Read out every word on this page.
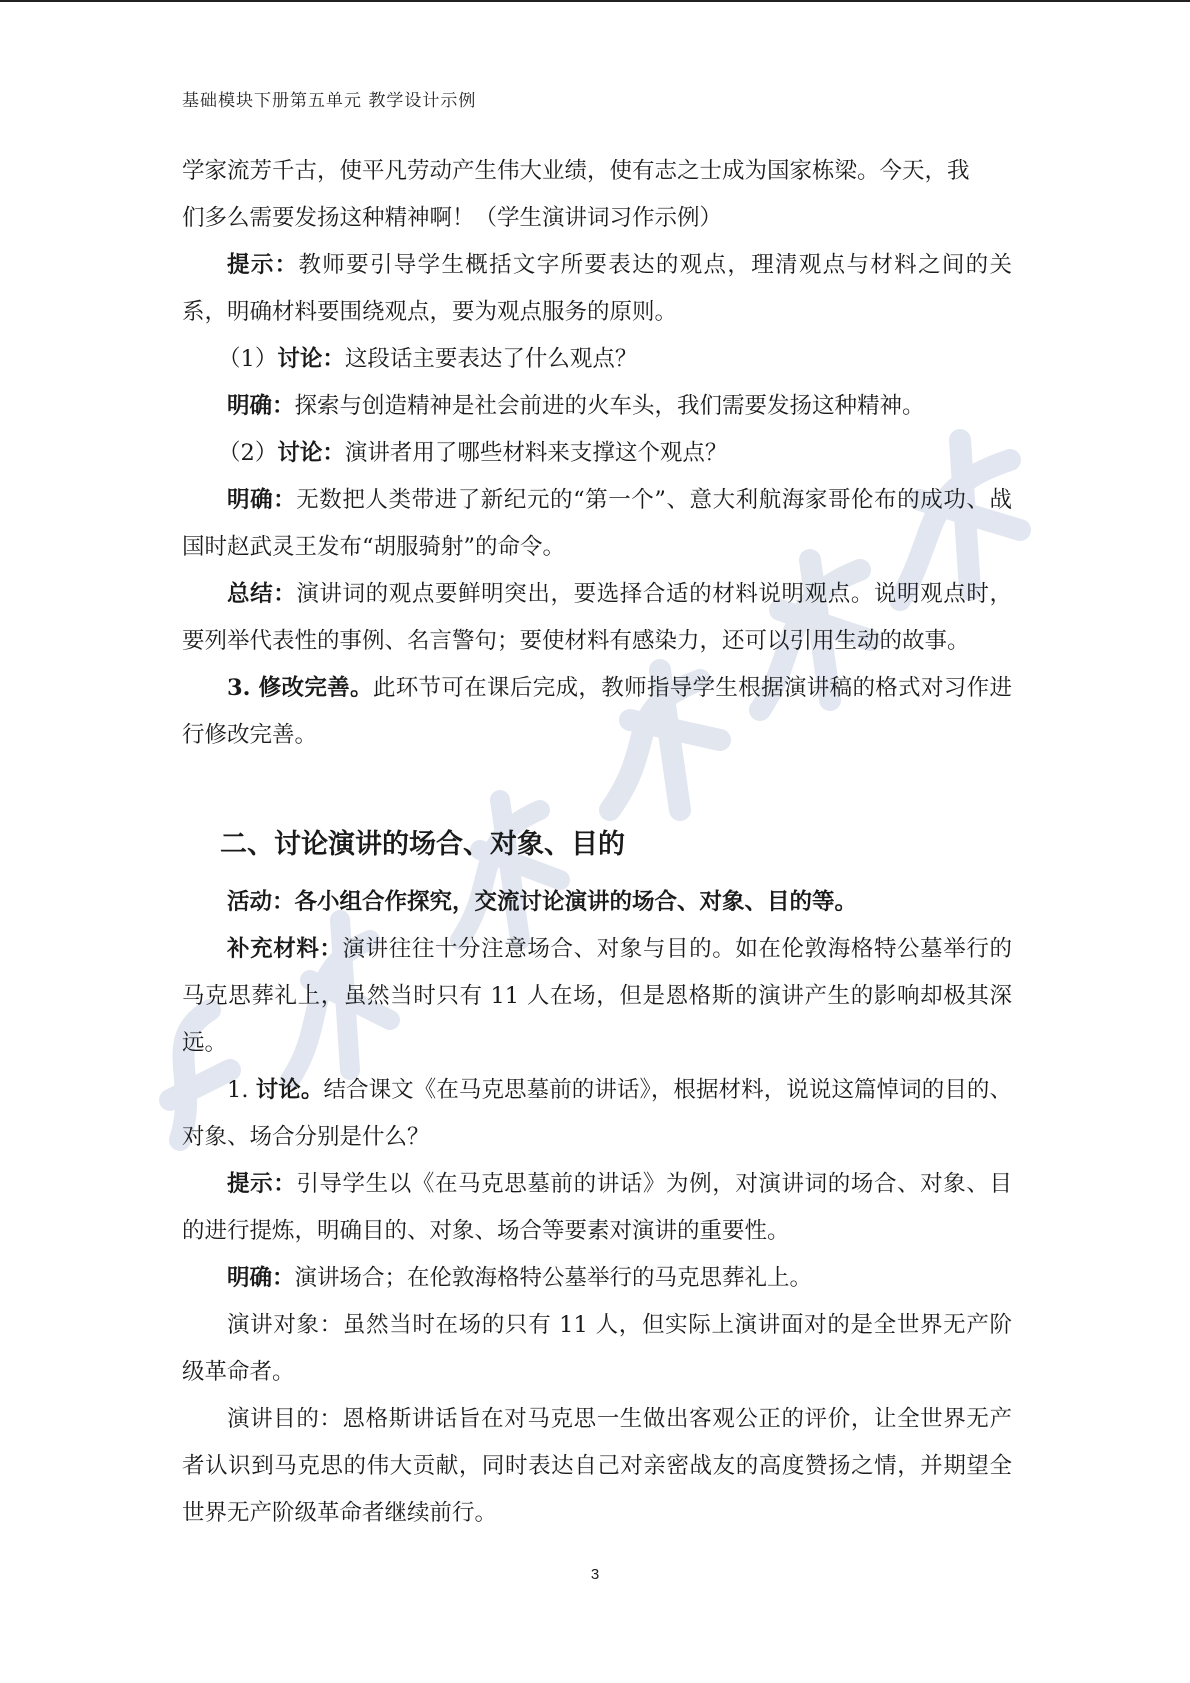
基础模块下册第五单元 教学设计示例

学家流芳千古，使平凡劳动产生伟大业绩，使有志之士成为国家栋梁。今天，我

们多么需要发扬这种精神啊！（学生演讲词习作示例）

提示：教师要引导学生概括文字所要表达的观点，理清观点与材料之间的关系，明确材料要围绕观点，要为观点服务的原则。

（1）讨论：这段话主要表达了什么观点？

明确：探索与创造精神是社会前进的火车头，我们需要发扬这种精神。

（2）讨论：演讲者用了哪些材料来支撑这个观点？

明确：无数把人类带进了新纪元的“第一个”、意大利航海家哥伦布的成功、战国时赵武灵王发布“胡服骑射”的命令。

总结：演讲词的观点要鲜明突出，要选择合适的材料说明观点。说明观点时，要列举代表性的事例、名言警句；要使材料有感染力，还可以引用生动的故事。

3. 修改完善。此环节可在课后完成，教师指导学生根据演讲稿的格式对习作进行修改完善。

二、讨论演讲的场合、对象、目的

活动：各小组合作探究，交流讨论演讲的场合、对象、目的等。

补充材料：演讲往往十分注意场合、对象与目的。如在伦敦海格特公墓举行的马克思葬礼上，虽然当时只有 11 人在场，但是恩格斯的演讲产生的影响却极其深远。

1. 讨论。结合课文《在马克思墓前的讲话》，根据材料，说说这篇悼词的目的、对象、场合分别是什么？

提示：引导学生以《在马克思墓前的讲话》为例，对演讲词的场合、对象、目的进行提炼，明确目的、对象、场合等要素对演讲的重要性。

明确：演讲场合；在伦敦海格特公墓举行的马克思葬礼上。

演讲对象：虽然当时在场的只有 11 人，但实际上演讲面对的是全世界无产阶级革命者。

演讲目的：恩格斯讲话旨在对马克思一生做出客观公正的评价，让全世界无产者认识到马克思的伟大贡献，同时表达自己对亲密战友的高度赞扬之情，并期望全世界无产阶级革命者继续前行。

3
